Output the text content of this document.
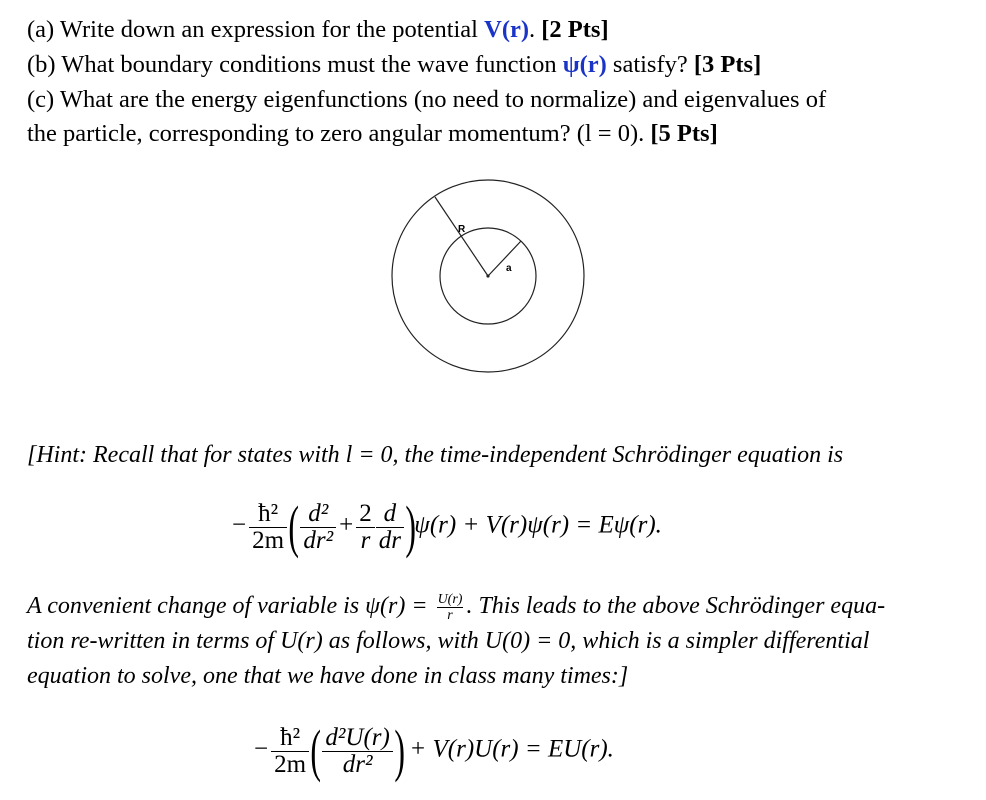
(a) Write down an expression for the potential V(r). [2 Pts]
(b) What boundary conditions must the wave function ψ(r) satisfy? [3 Pts]
(c) What are the energy eigenfunctions (no need to normalize) and eigenvalues of
the particle, corresponding to zero angular momentum? (l = 0). [5 Pts]
R
a
[Hint: Recall that for states with l = 0, the time-independent Schrödinger equation is
− $\frac{\text{ħ²}}{2m}$ ( $\frac{\text{d²}}{\text{dr²}} + \frac{2}{r} \frac{d}{dr} )\psi(r) + V(r)\psi(r) = E\psi(r)$.
A convenient change of variable is $\psi(r) = \frac{U(r)}{r}$ . This leads to the above Schrödinger equa-
tion re-written in terms of U(r) as follows, with U(0) = 0, which is a simpler differential
equation to solve, one that we have done in class many times:]
− $\frac{\text{ħ²}}{2m}$ ( $\frac{\text{d²U(r)}}{\text{dr²}}$ ) + V(r)U(r) = EU(r).
